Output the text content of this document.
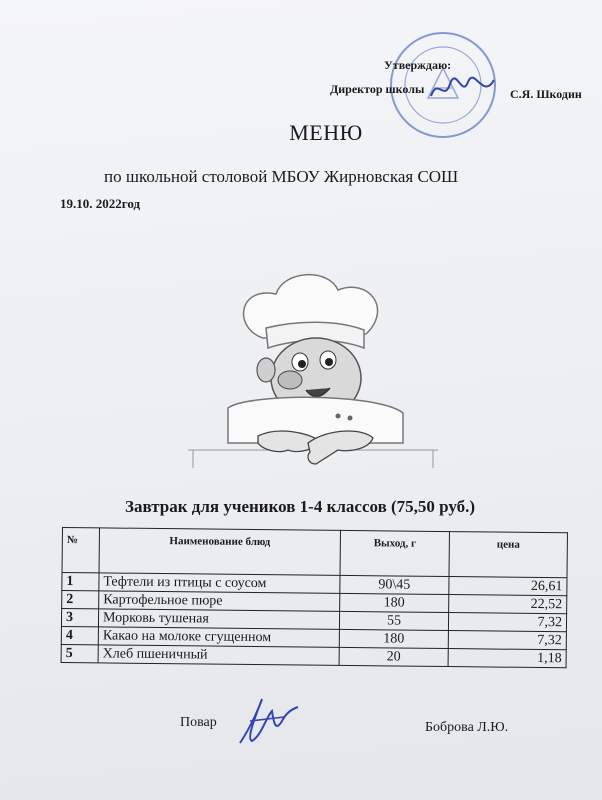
Утверждаю:
Директор школы	С.Я. Шкодин
МЕНЮ
по школьной столовой МБОУ Жирновская СОШ
19.10. 2022год
Завтрак для учеников 1-4 классов (75,50 руб.)
№	Наименование блюд	Выход, г	цена
1	Тефтели из птицы с соусом	90\45	26,61
2	Картофельное пюре	180	22,52
3	Морковь тушеная	55	7,32
4	Какао на молоке сгущенном	180	7,32
5	Хлеб пшеничный	20	1,18
Повар	Боброва Л.Ю.
